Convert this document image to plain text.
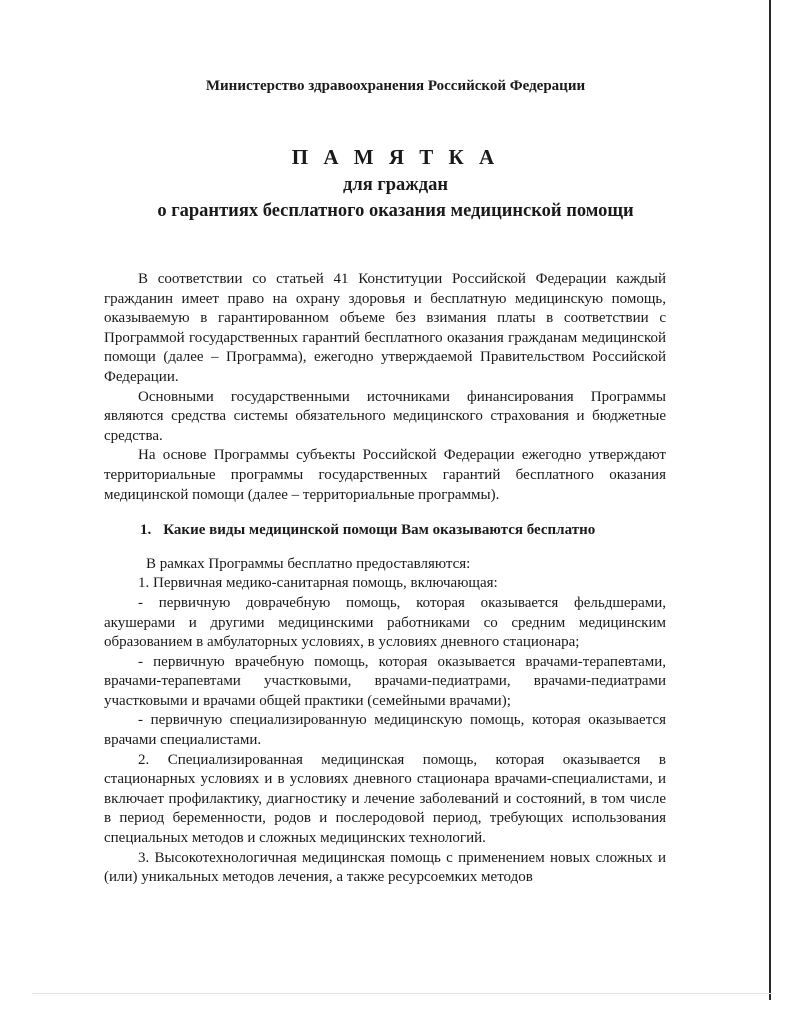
Министерство здравоохранения Российской Федерации
П А М Я Т К А
для граждан
о гарантиях бесплатного оказания медицинской помощи

В соответствии со статьей 41 Конституции Российской Федерации каждый гражданин имеет право на охрану здоровья и бесплатную медицинскую помощь, оказываемую в гарантированном объеме без взимания платы в соответствии с Программой государственных гарантий бесплатного оказания гражданам медицинской помощи (далее – Программа), ежегодно утверждаемой Правительством Российской Федерации.

Основными государственными источниками финансирования Программы являются средства системы обязательного медицинского страхования и бюджетные средства.

На основе Программы субъекты Российской Федерации ежегодно утверждают территориальные программы государственных гарантий бесплатного оказания медицинской помощи (далее – территориальные программы).

1. Какие виды медицинской помощи Вам оказываются бесплатно

В рамках Программы бесплатно предоставляются:

1. Первичная медико-санитарная помощь, включающая:

- первичную доврачебную помощь, которая оказывается фельдшерами, акушерами и другими медицинскими работниками со средним медицинским образованием в амбулаторных условиях, в условиях дневного стационара;

- первичную врачебную помощь, которая оказывается врачами-терапевтами, врачами-терапевтами участковыми, врачами-педиатрами, врачами-педиатрами участковыми и врачами общей практики (семейными врачами);

- первичную специализированную медицинскую помощь, которая оказывается врачами специалистами.

2. Специализированная медицинская помощь, которая оказывается в стационарных условиях и в условиях дневного стационара врачами-специалистами, и включает профилактику, диагностику и лечение заболеваний и состояний, в том числе в период беременности, родов и послеродовой период, требующих использования специальных методов и сложных медицинских технологий.

3. Высокотехнологичная медицинская помощь с применением новых сложных и (или) уникальных методов лечения, а также ресурсоемких методов
